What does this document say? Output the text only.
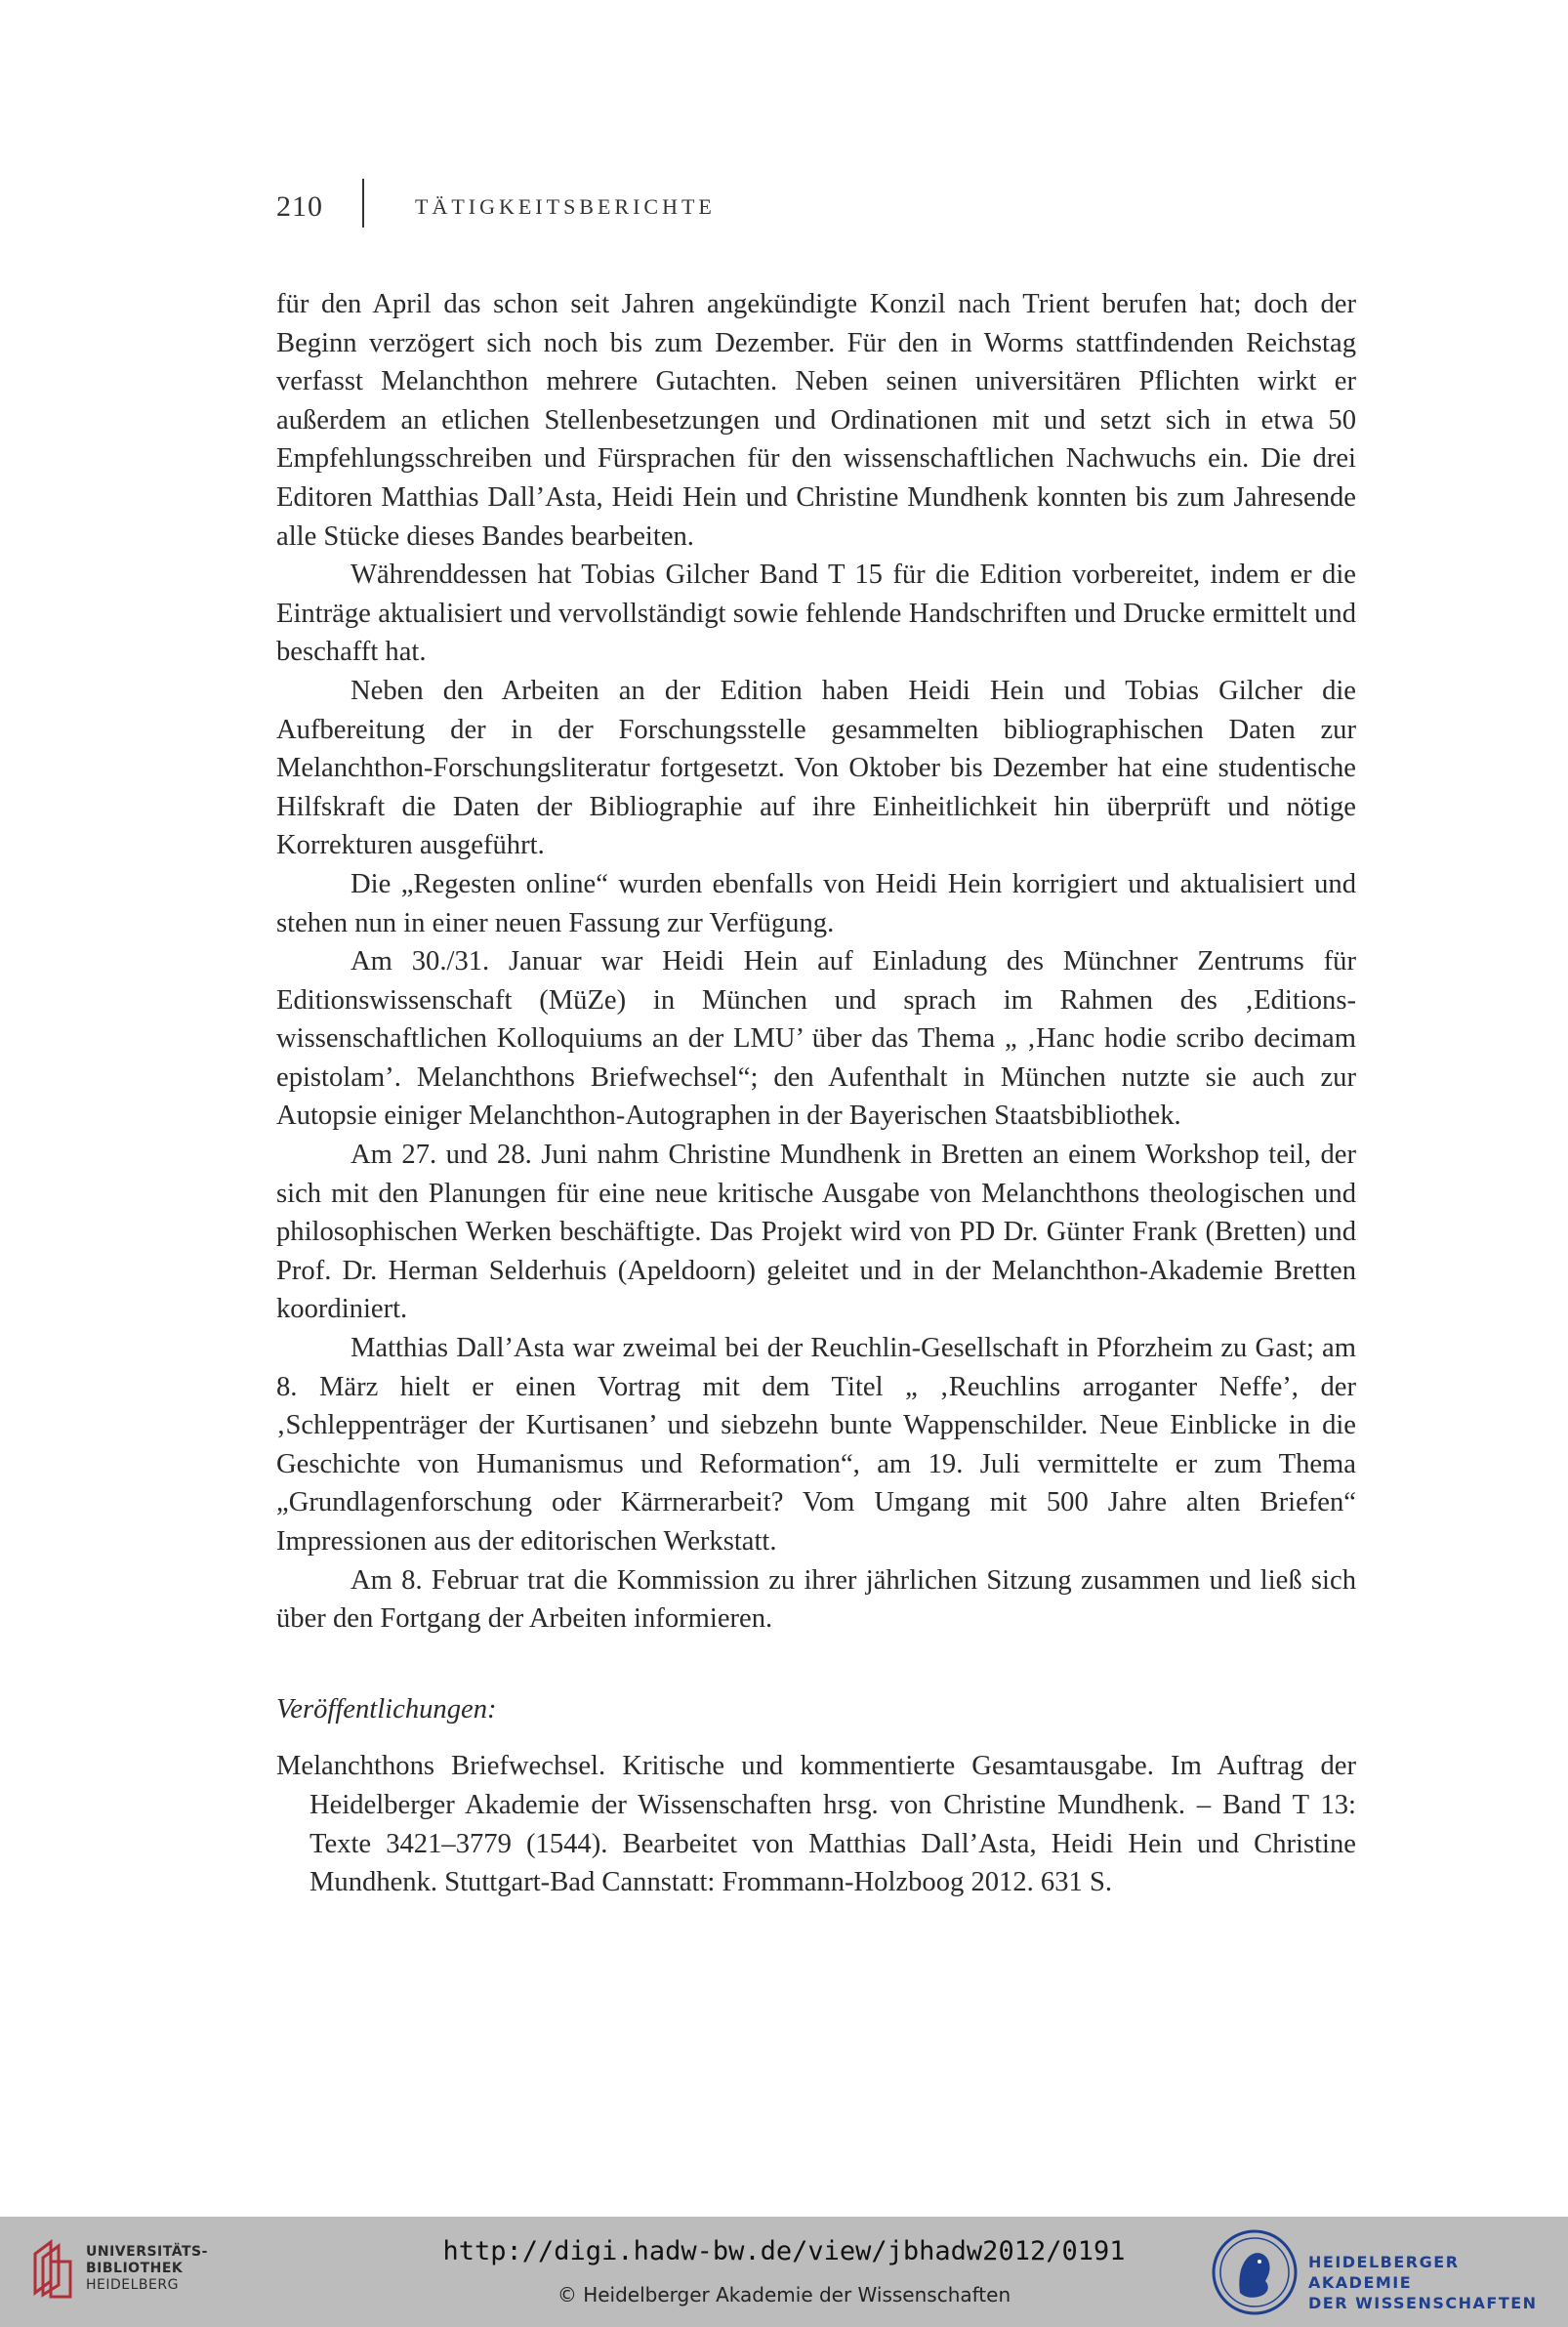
210	TÄTIGKEITSBERICHTE

für den April das schon seit Jahren angekündigte Konzil nach Trient berufen hat; doch der Beginn verzögert sich noch bis zum Dezember. Für den in Worms stattfindenden Reichstag verfasst Melanchthon mehrere Gutachten. Neben seinen universitären Pflichten wirkt er außerdem an etlichen Stellenbesetzungen und Ordinationen mit und setzt sich in etwa 50 Empfehlungsschreiben und Fürsprachen für den wissenschaftlichen Nachwuchs ein. Die drei Editoren Matthias Dall’Asta, Heidi Hein und Christine Mundhenk konnten bis zum Jahresende alle Stücke dieses Bandes bearbeiten.

Währenddessen hat Tobias Gilcher Band T 15 für die Edition vorbereitet, indem er die Einträge aktualisiert und vervollständigt sowie fehlende Handschriften und Drucke ermittelt und beschafft hat.

Neben den Arbeiten an der Edition haben Heidi Hein und Tobias Gilcher die Aufbereitung der in der Forschungsstelle gesammelten bibliographischen Daten zur Melanchthon-Forschungsliteratur fortgesetzt. Von Oktober bis Dezember hat eine studentische Hilfskraft die Daten der Bibliographie auf ihre Einheitlichkeit hin überprüft und nötige Korrekturen ausgeführt.

Die „Regesten online“ wurden ebenfalls von Heidi Hein korrigiert und aktualisiert und stehen nun in einer neuen Fassung zur Verfügung.

Am 30./31. Januar war Heidi Hein auf Einladung des Münchner Zentrums für Editionswissenschaft (MüZe) in München und sprach im Rahmen des ‚Editionswissenschaftlichen Kolloquiums an der LMU’ über das Thema „ ‚Hanc hodie scribo decimam epistolam’. Melanchthons Briefwechsel“; den Aufenthalt in München nutzte sie auch zur Autopsie einiger Melanchthon-Autographen in der Bayerischen Staatsbibliothek.

Am 27. und 28. Juni nahm Christine Mundhenk in Bretten an einem Workshop teil, der sich mit den Planungen für eine neue kritische Ausgabe von Melanchthons theologischen und philosophischen Werken beschäftigte. Das Projekt wird von PD Dr. Günter Frank (Bretten) und Prof. Dr. Herman Selderhuis (Apeldoorn) geleitet und in der Melanchthon-Akademie Bretten koordiniert.

Matthias Dall’Asta war zweimal bei der Reuchlin-Gesellschaft in Pforzheim zu Gast; am 8. März hielt er einen Vortrag mit dem Titel „ ‚Reuchlins arroganter Neffe’, der ‚Schleppenträger der Kurtisanen’ und siebzehn bunte Wappenschilder. Neue Einblicke in die Geschichte von Humanismus und Reformation“, am 19. Juli vermittelte er zum Thema „Grundlagenforschung oder Kärrnerarbeit? Vom Umgang mit 500 Jahre alten Briefen“ Impressionen aus der editorischen Werkstatt.

Am 8. Februar trat die Kommission zu ihrer jährlichen Sitzung zusammen und ließ sich über den Fortgang der Arbeiten informieren.

Veröffentlichungen:

Melanchthons Briefwechsel. Kritische und kommentierte Gesamtausgabe. Im Auftrag der Heidelberger Akademie der Wissenschaften hrsg. von Christine Mundhenk. – Band T 13: Texte 3421–3779 (1544). Bearbeitet von Matthias Dall’Asta, Heidi Hein und Christine Mundhenk. Stuttgart-Bad Cannstatt: Frommann-Holzboog 2012. 631 S.

UNIVERSITÄTS-
BIBLIOTHEK
HEIDELBERG
http://digi.hadw-bw.de/view/jbhadw2012/0191
© Heidelberger Akademie der Wissenschaften
HEIDELBERGER AKADEMIE
DER WISSENSCHAFTEN
